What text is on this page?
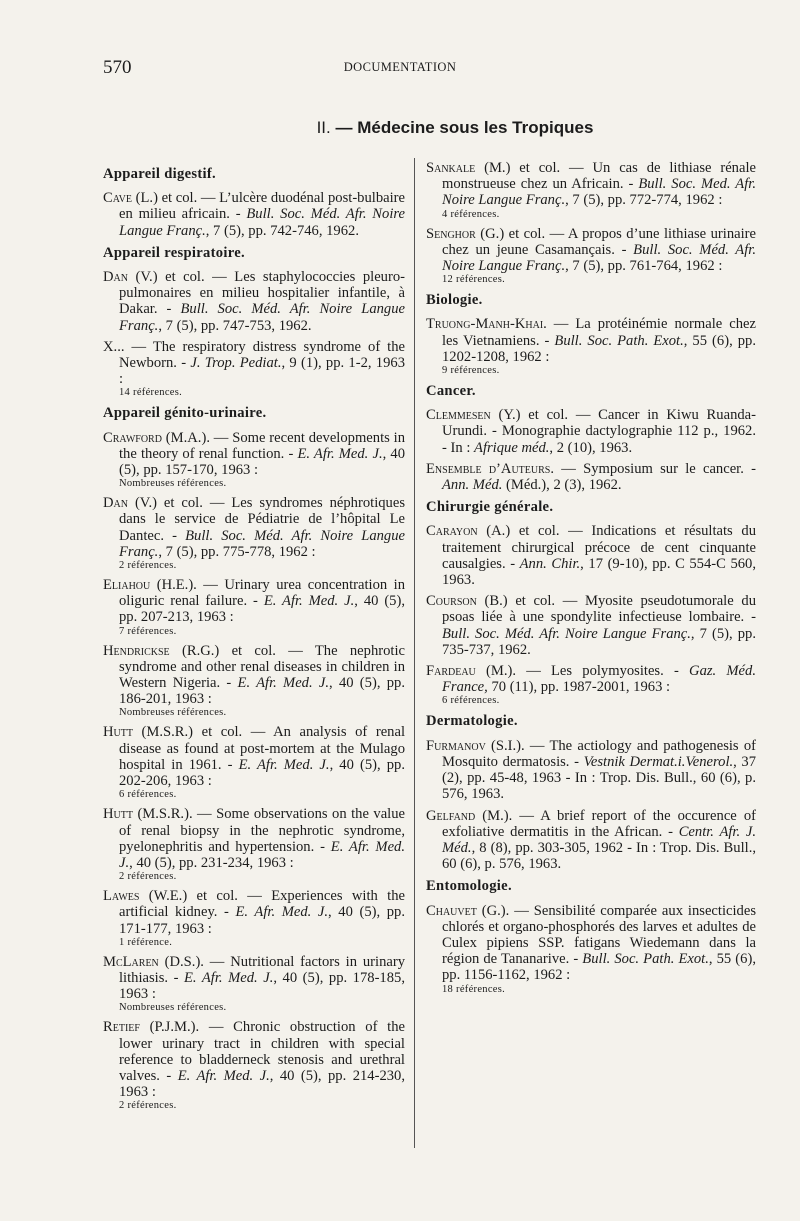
570	DOCUMENTATION
II. — Médecine sous les Tropiques
Appareil digestif.
Cave (L.) et col. — L’ulcère duodénal post-bulbaire en milieu africain. - Bull. Soc. Méd. Afr. Noire Langue Franç., 7 (5), pp. 742-746, 1962.
Appareil respiratoire.
Dan (V.) et col. — Les staphylococcies pleuro-pulmonaires en milieu hospitalier infantile, à Dakar. - Bull. Soc. Méd. Afr. Noire Langue Franç., 7 (5), pp. 747-753, 1962.
X... — The respiratory distress syndrome of the Newborn. - J. Trop. Pediat., 9 (1), pp. 1-2, 1963 :
14 références.
Appareil génito-urinaire.
Crawford (M.A.). — Some recent developments in the theory of renal function. - E. Afr. Med. J., 40 (5), pp. 157-170, 1963 :
Nombreuses références.
Dan (V.) et col. — Les syndromes néphrotiques dans le service de Pédiatrie de l’hôpital Le Dantec. - Bull. Soc. Méd. Afr. Noire Langue Franç., 7 (5), pp. 775-778, 1962 :
2 références.
Eliahou (H.E.). — Urinary urea concentration in oliguric renal failure. - E. Afr. Med. J., 40 (5), pp. 207-213, 1963 :
7 références.
Hendrickse (R.G.) et col. — The nephrotic syndrome and other renal diseases in children in Western Nigeria. - E. Afr. Med. J., 40 (5), pp. 186-201, 1963 :
Nombreuses références.
Hutt (M.S.R.) et col. — An analysis of renal disease as found at post-mortem at the Mulago hospital in 1961. - E. Afr. Med. J., 40 (5), pp. 202-206, 1963 :
6 références.
Hutt (M.S.R.). — Some observations on the value of renal biopsy in the nephrotic syndrome, pyelonephritis and hypertension. - E. Afr. Med. J., 40 (5), pp. 231-234, 1963 :
2 références.
Lawes (W.E.) et col. — Experiences with the artificial kidney. - E. Afr. Med. J., 40 (5), pp. 171-177, 1963 :
1 référence.
McLaren (D.S.). — Nutritional factors in urinary lithiasis. - E. Afr. Med. J., 40 (5), pp. 178-185, 1963 :
Nombreuses références.
Retief (P.J.M.). — Chronic obstruction of the lower urinary tract in children with special reference to bladderneck stenosis and urethral valves. - E. Afr. Med. J., 40 (5), pp. 214-230, 1963 :
2 références.
Sankale (M.) et col. — Un cas de lithiase rénale monstrueuse chez un Africain. - Bull. Soc. Med. Afr. Noire Langue Franç., 7 (5), pp. 772-774, 1962 :
4 références.
Senghor (G.) et col. — A propos d’une lithiase urinaire chez un jeune Casamançais. - Bull. Soc. Méd. Afr. Noire Langue Franç., 7 (5), pp. 761-764, 1962 :
12 références.
Biologie.
Truong-Manh-Khai. — La protéinémie normale chez les Vietnamiens. - Bull. Soc. Path. Exot., 55 (6), pp. 1202-1208, 1962 :
9 références.
Cancer.
Clemmesen (Y.) et col. — Cancer in Kiwu Ruanda-Urundi. - Monographie dactylographie 112 p., 1962. - In : Afrique méd., 2 (10), 1963.
Ensemble d’Auteurs. — Symposium sur le cancer. - Ann. Méd. (Méd.), 2 (3), 1962.
Chirurgie générale.
Carayon (A.) et col. — Indications et résultats du traitement chirurgical précoce de cent cinquante causalgies. - Ann. Chir., 17 (9-10), pp. C 554-C 560, 1963.
Courson (B.) et col. — Myosite pseudotumorale du psoas liée à une spondylite infectieuse lombaire. - Bull. Soc. Méd. Afr. Noire Langue Franç., 7 (5), pp. 735-737, 1962.
Fardeau (M.). — Les polymyosites. - Gaz. Méd. France, 70 (11), pp. 1987-2001, 1963 :
6 références.
Dermatologie.
Furmanov (S.I.). — The actiology and pathogenesis of Mosquito dermatosis. - Vestnik Dermat.i.Venerol., 37 (2), pp. 45-48, 1963 - In : Trop. Dis. Bull., 60 (6), p. 576, 1963.
Gelfand (M.). — A brief report of the occurence of exfoliative dermatitis in the African. - Centr. Afr. J. Méd., 8 (8), pp. 303-305, 1962 - In : Trop. Dis. Bull., 60 (6), p. 576, 1963.
Entomologie.
Chauvet (G.). — Sensibilité comparée aux insecticides chlorés et organo-phosphorés des larves et adultes de Culex pipiens SSP. fatigans Wiedemann dans la région de Tananarive. - Bull. Soc. Path. Exot., 55 (6), pp. 1156-1162, 1962 :
18 références.
